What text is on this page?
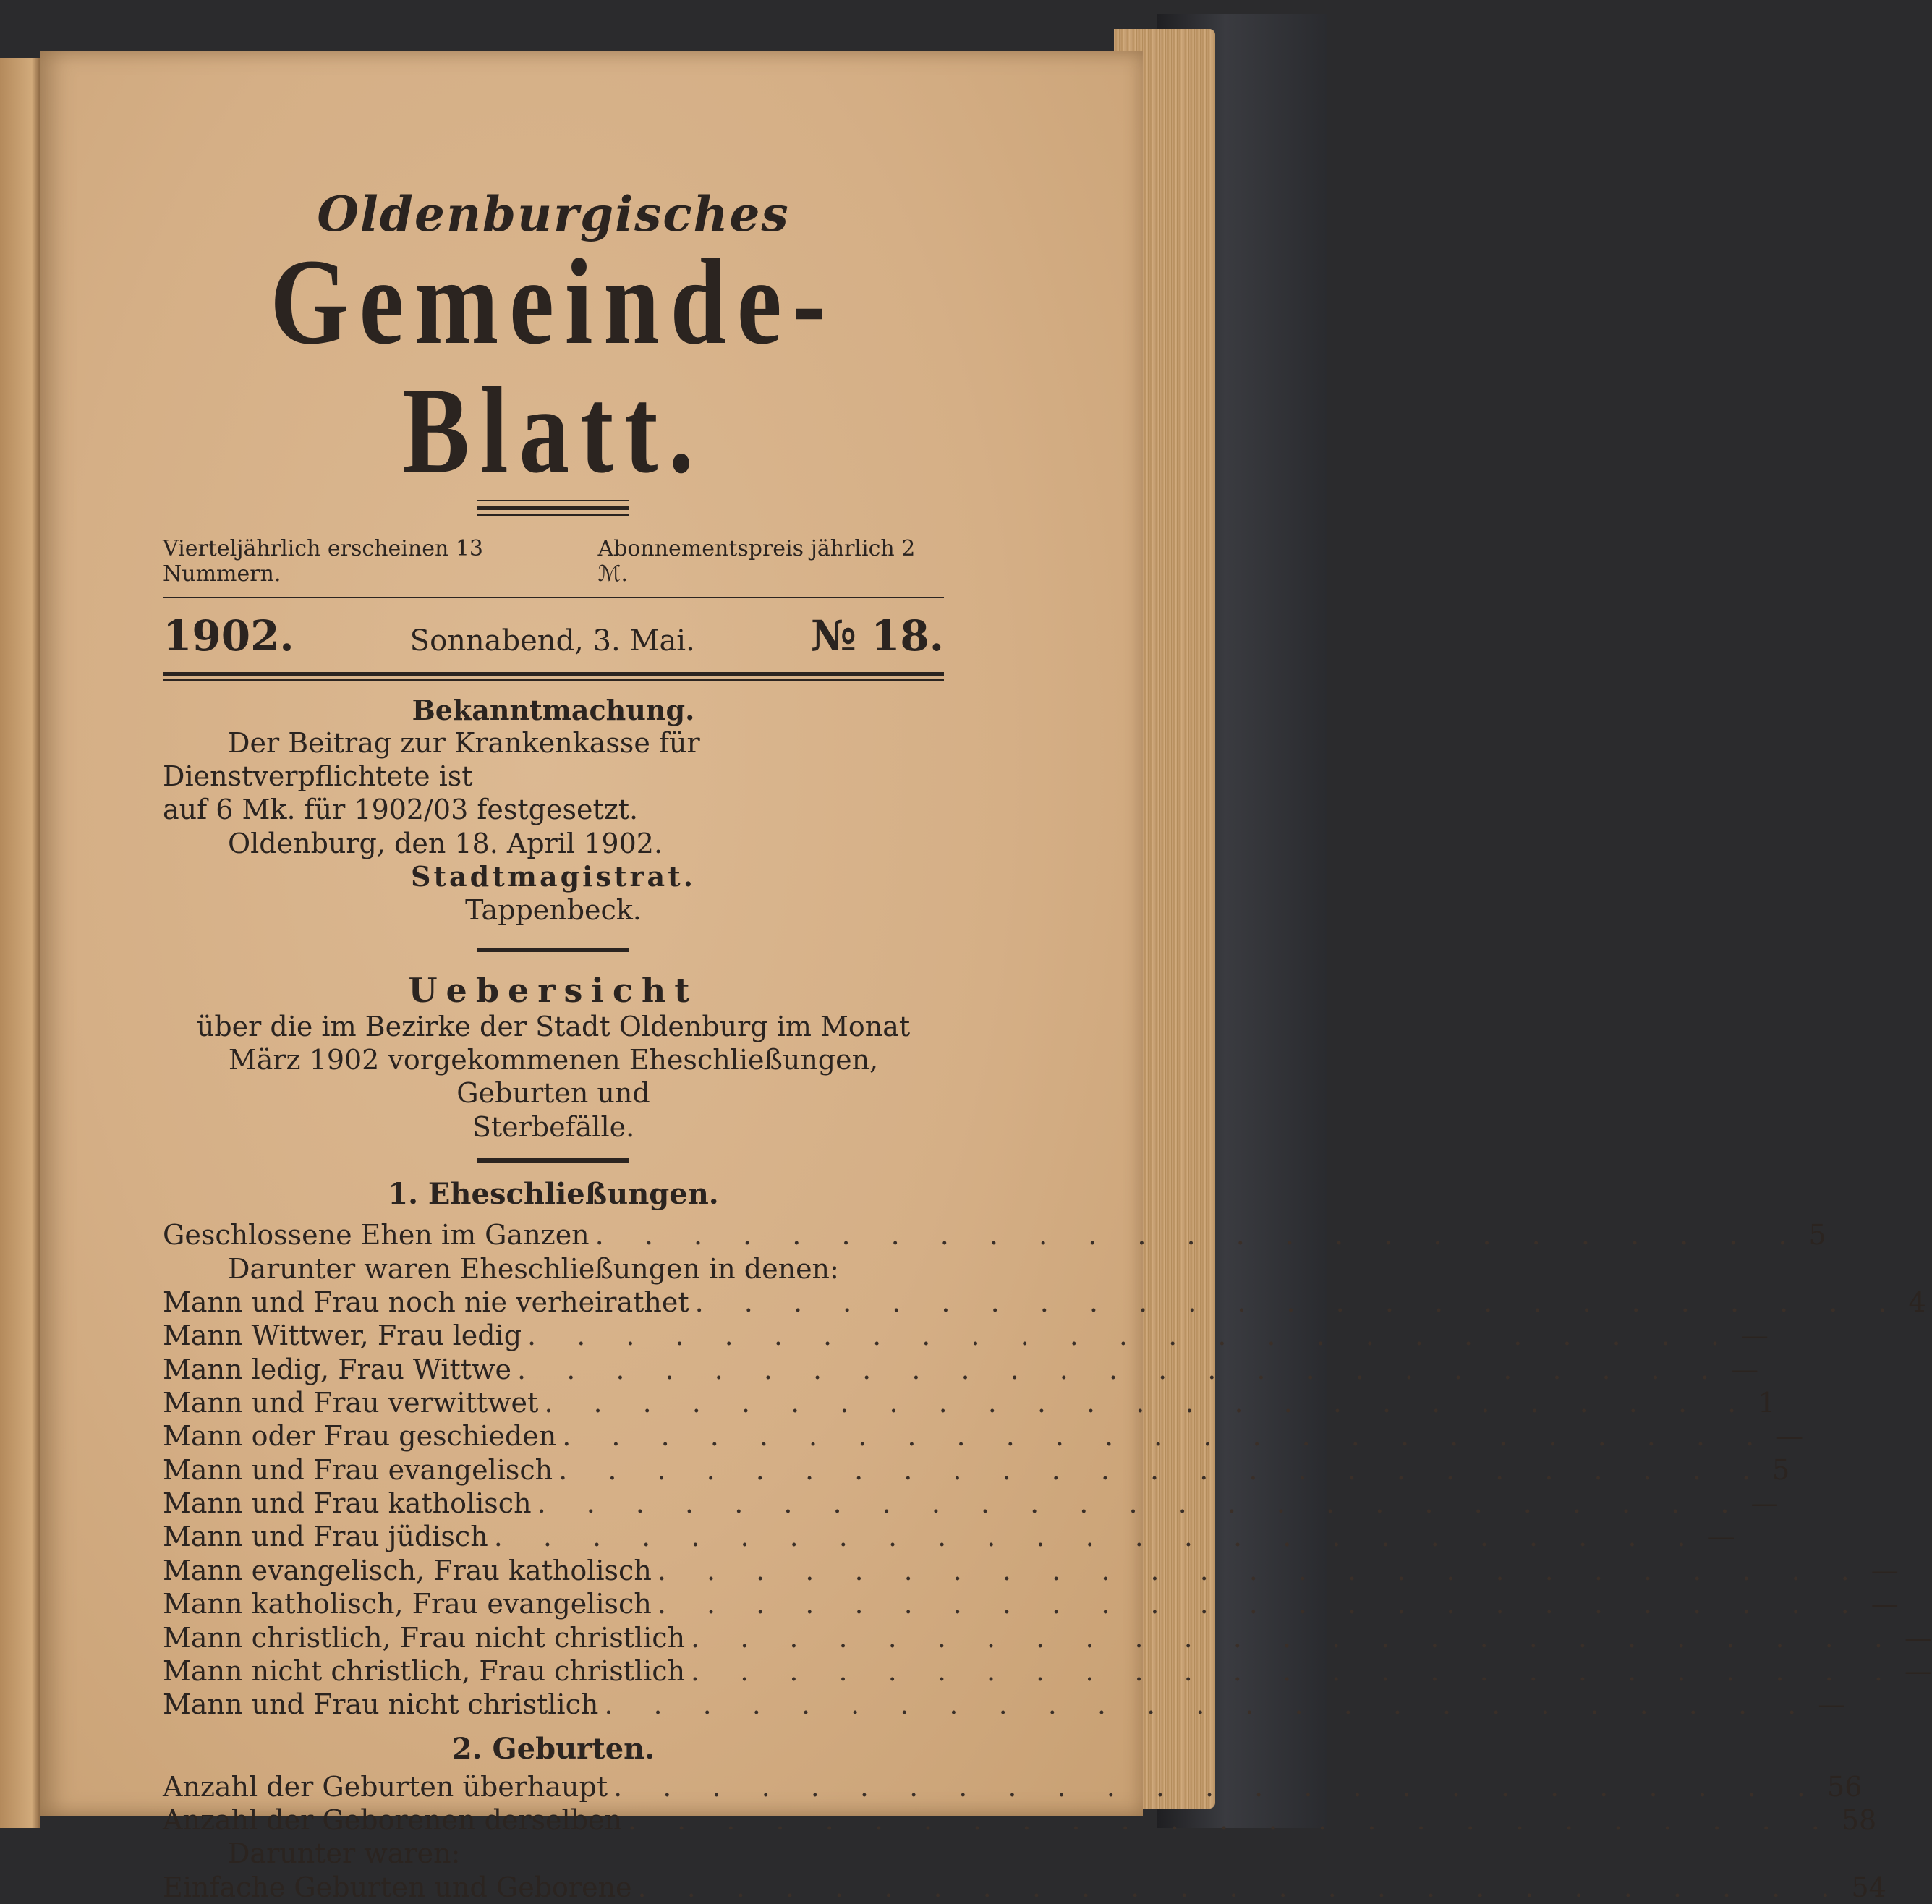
Oldenburgisches
Gemeinde-Blatt.
Vierteljährlich erscheinen 13 Nummern.
Abonnementspreis jährlich 2 ℳ.
1902.	Sonnabend, 3. Mai.	№ 18.
Bekanntmachung.
Der Beitrag zur Krankenkasse für Dienstverpflichtete ist
auf 6 Mk. für 1902/03 festgesetzt.
Oldenburg, den 18. April 1902.
Stadtmagistrat.
Tappenbeck.
Uebersicht
über die im Bezirke der Stadt Oldenburg im Monat
März 1902 vorgekommenen Eheschließungen, Geburten und
Sterbefälle.
1. Eheschließungen.
Geschlossene Ehen im Ganzen . . . . . . . . . . . . . . . . . . . . . . . . . 5
Darunter waren Eheschließungen in denen:
Mann und Frau noch nie verheirathet . . . . . . . . . . . . . . . . . . . . . . . . . 4
Mann Wittwer, Frau ledig . . . . . . . . . . . . . . . . . . . . . . . . . —
Mann ledig, Frau Wittwe . . . . . . . . . . . . . . . . . . . . . . . . . —
Mann und Frau verwittwet . . . . . . . . . . . . . . . . . . . . . . . . . 1
Mann oder Frau geschieden . . . . . . . . . . . . . . . . . . . . . . . . . —
Mann und Frau evangelisch . . . . . . . . . . . . . . . . . . . . . . . . . 5
Mann und Frau katholisch . . . . . . . . . . . . . . . . . . . . . . . . . —
Mann und Frau jüdisch . . . . . . . . . . . . . . . . . . . . . . . . . —
Mann evangelisch, Frau katholisch . . . . . . . . . . . . . . . . . . . . . . . . . —
Mann katholisch, Frau evangelisch . . . . . . . . . . . . . . . . . . . . . . . . . —
Mann christlich, Frau nicht christlich . . . . . . . . . . . . . . . . . . . . . . . . . —
Mann nicht christlich, Frau christlich . . . . . . . . . . . . . . . . . . . . . . . . . —
Mann und Frau nicht christlich . . . . . . . . . . . . . . . . . . . . . . . . . —
2. Geburten.
Anzahl der Geburten überhaupt . . . . . . . . . . . . . . . . . . . . . . . . . 56
Anzahl der Geborenen derselben . . . . . . . . . . . . . . . . . . . . . . . . . 58
Darunter waren:
Einfache Geburten und Geborene . . . . . . . . . . . . . . . . . . . . . . . . . 54
